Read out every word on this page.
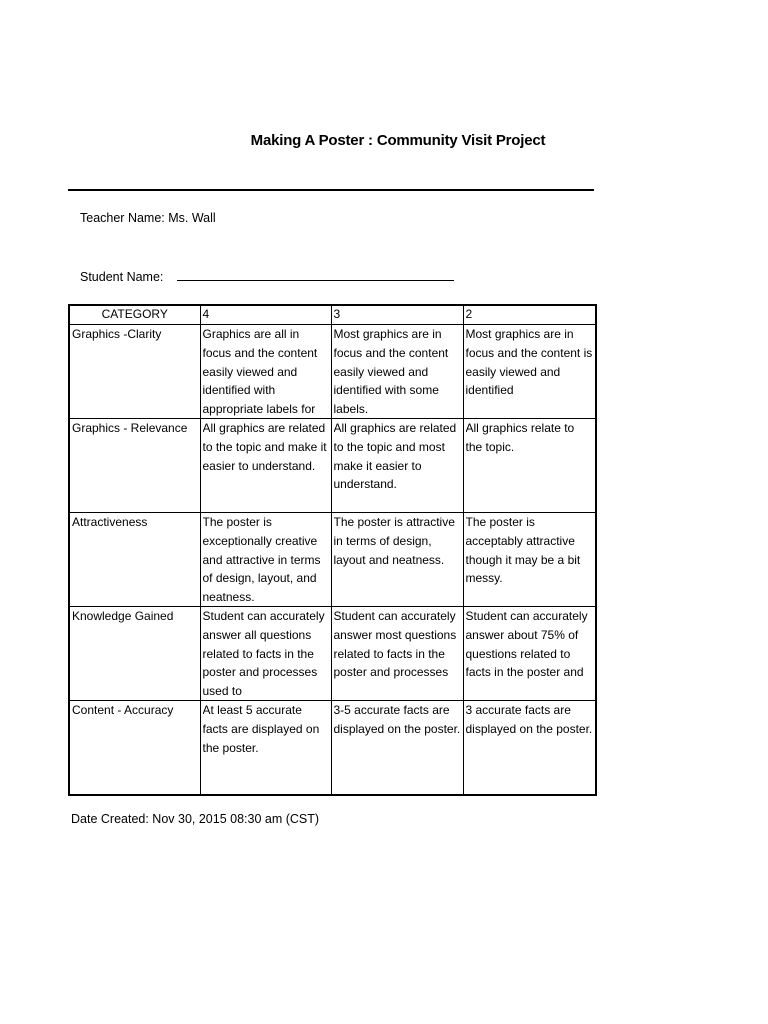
Making A Poster : Community Visit Project
Teacher Name: Ms. Wall
Student Name:
CATEGORY	4	3	2

Graphics -Clarity	Graphics are all in focus and the content easily viewed and identified with appropriate labels for	Most graphics are in focus and the content easily viewed and identified with some labels.	Most graphics are in focus and the content is easily viewed and identified

Graphics - Relevance	All graphics are related to the topic and make it easier to understand.	All graphics are related to the topic and most make it easier to understand.	All graphics relate to the topic.

Attractiveness	The poster is exceptionally creative and attractive in terms of design, layout, and neatness.	The poster is attractive in terms of design, layout and neatness.	The poster is acceptably attractive though it may be a bit messy.

Knowledge Gained	Student can accurately answer all questions related to facts in the poster and processes used to	Student can accurately answer most questions related to facts in the poster and processes	Student can accurately answer about 75% of questions related to facts in the poster and

Content - Accuracy	At least 5 accurate facts are displayed on the poster.	3-5 accurate facts are displayed on the poster.	3 accurate facts are displayed on the poster.
Date Created: Nov 30, 2015 08:30 am (CST)
